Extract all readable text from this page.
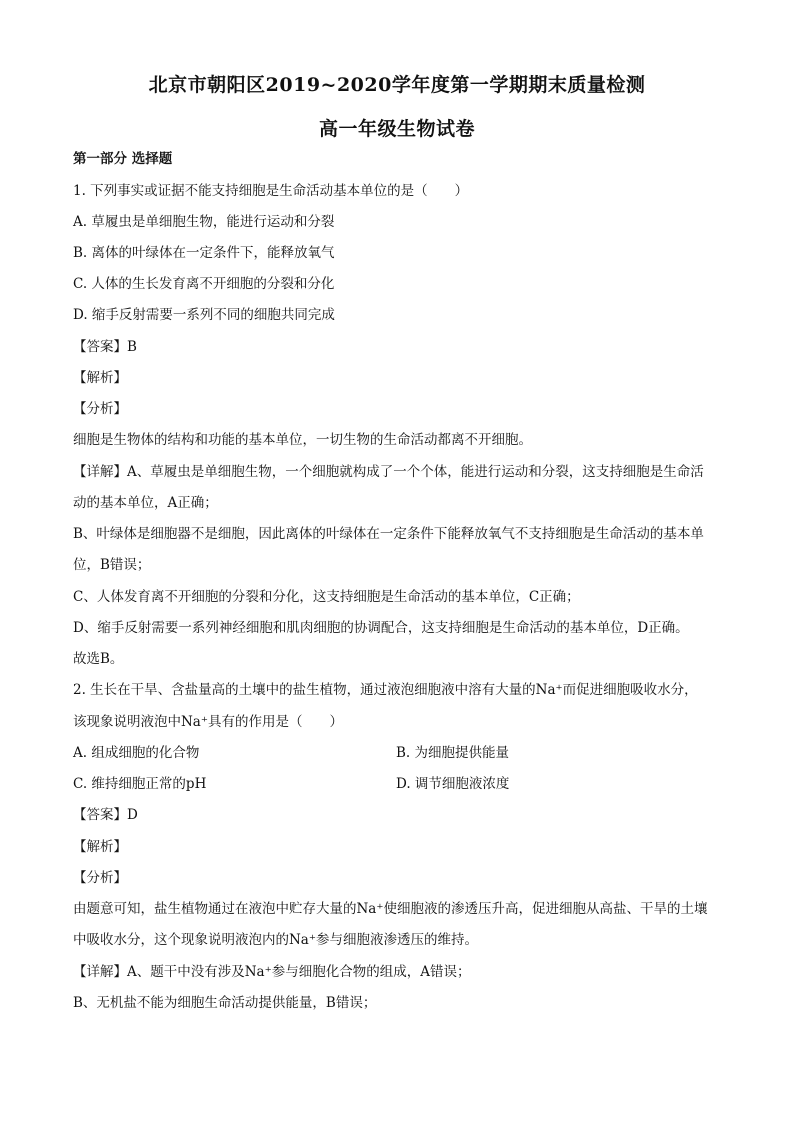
北京市朝阳区2019~2020学年度第一学期期末质量检测
高一年级生物试卷
第一部分 选择题
1. 下列事实或证据不能支持细胞是生命活动基本单位的是（　　）
A. 草履虫是单细胞生物，能进行运动和分裂
B. 离体的叶绿体在一定条件下，能释放氧气
C. 人体的生长发育离不开细胞的分裂和分化
D. 缩手反射需要一系列不同的细胞共同完成
【答案】B
【解析】
【分析】
细胞是生物体的结构和功能的基本单位，一切生物的生命活动都离不开细胞。
【详解】A、草履虫是单细胞生物，一个细胞就构成了一个个体，能进行运动和分裂，这支持细胞是生命活
动的基本单位，A正确；
B、叶绿体是细胞器不是细胞，因此离体的叶绿体在一定条件下能释放氧气不支持细胞是生命活动的基本单
位，B错误；
C、人体发育离不开细胞的分裂和分化，这支持细胞是生命活动的基本单位，C正确；
D、缩手反射需要一系列神经细胞和肌肉细胞的协调配合，这支持细胞是生命活动的基本单位，D正确。
故选B。
2. 生长在干旱、含盐量高的土壤中的盐生植物，通过液泡细胞液中溶有大量的Na⁺而促进细胞吸收水分，
该现象说明液泡中Na⁺具有的作用是（　　）
A. 组成细胞的化合物	B. 为细胞提供能量
C. 维持细胞正常的pH	D. 调节细胞液浓度
【答案】D
【解析】
【分析】
由题意可知，盐生植物通过在液泡中贮存大量的Na⁺使细胞液的渗透压升高，促进细胞从高盐、干旱的土壤
中吸收水分，这个现象说明液泡内的Na⁺参与细胞液渗透压的维持。
【详解】A、题干中没有涉及Na⁺参与细胞化合物的组成，A错误；
B、无机盐不能为细胞生命活动提供能量，B错误；
